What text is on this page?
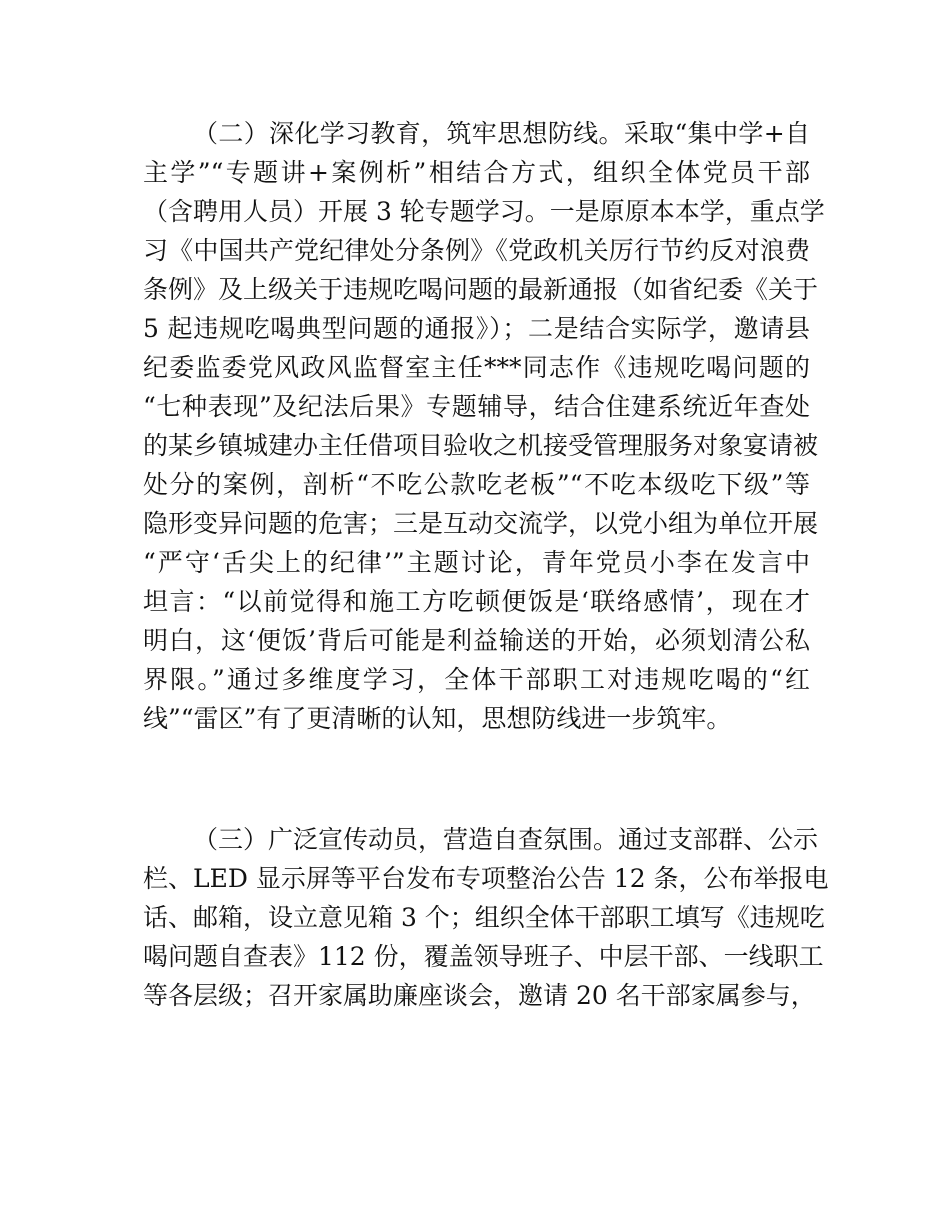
（二）深化学习教育，筑牢思想防线。采取“集中学+自
主学”“专题讲+案例析”相结合方式，组织全体党员干部
（含聘用人员）开展 3 轮专题学习。一是原原本本学，重点学
习《中国共产党纪律处分条例》《党政机关厉行节约反对浪费
条例》及上级关于违规吃喝问题的最新通报（如省纪委《关于
5 起违规吃喝典型问题的通报》）；二是结合实际学，邀请县
纪委监委党风政风监督室主任***同志作《违规吃喝问题的
“七种表现”及纪法后果》专题辅导，结合住建系统近年查处
的某乡镇城建办主任借项目验收之机接受管理服务对象宴请被
处分的案例，剖析“不吃公款吃老板”“不吃本级吃下级”等
隐形变异问题的危害；三是互动交流学，以党小组为单位开展
“严守‘舌尖上的纪律’”主题讨论，青年党员小李在发言中
坦言：“以前觉得和施工方吃顿便饭是‘联络感情’，现在才
明白，这‘便饭’背后可能是利益输送的开始，必须划清公私
界限。”通过多维度学习，全体干部职工对违规吃喝的“红
线”“雷区”有了更清晰的认知，思想防线进一步筑牢。
（三）广泛宣传动员，营造自查氛围。通过支部群、公示
栏、LED 显示屏等平台发布专项整治公告 12 条，公布举报电
话、邮箱，设立意见箱 3 个；组织全体干部职工填写《违规吃
喝问题自查表》112 份，覆盖领导班子、中层干部、一线职工
等各层级；召开家属助廉座谈会，邀请 20 名干部家属参与，
